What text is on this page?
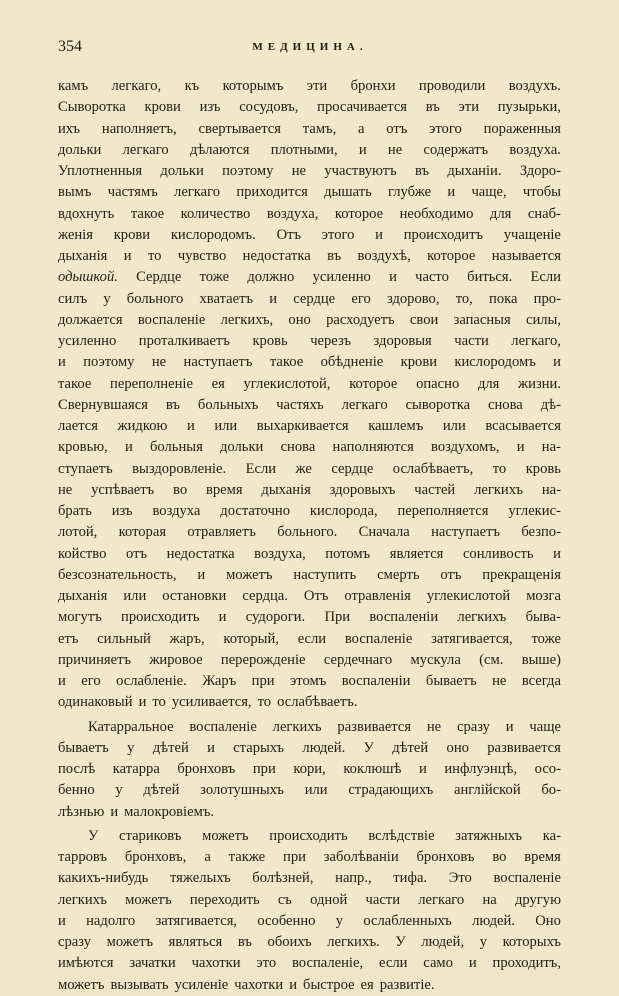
354	МЕДИЦИНА.
камъ легкаго, къ которымъ эти бронхи проводили воздухъ.
Сыворотка крови изъ сосудовъ, просачивается въ эти пузырьки,
ихъ наполняетъ, свертывается тамъ, а отъ этого пораженныя
дольки легкаго дѣлаются плотными, и не содержатъ воздуха.
Уплотненныя дольки поэтому не участвуютъ въ дыханіи. Здоро-
вымъ частямъ легкаго приходится дышать глубже и чаще, чтобы
вдохнуть такое количество воздуха, которое необходимо для снаб-
женія крови кислородомъ. Отъ этого и происходитъ учащеніе
дыханія и то чувство недостатка въ воздухѣ, которое называется
одышкой. Сердце тоже должно усиленно и часто биться. Если
силъ у больного хватаетъ и сердце его здорово, то, пока про-
должается воспаленіе легкихъ, оно расходуетъ свои запасныя силы,
усиленно проталкиваетъ кровь черезъ здоровыя части легкаго,
и поэтому не наступаетъ такое обѣдненіе крови кислородомъ и
такое переполненіе ея углекислотой, которое опасно для жизни.
Свернувшаяся въ больныхъ частяхъ легкаго сыворотка снова дѣ-
лается жидкою и или выхаркивается кашлемъ или всасывается
кровью, и больныя дольки снова наполняются воздухомъ, и на-
ступаетъ выздоровленіе. Если же сердце ослабѣваетъ, то кровь
не успѣваетъ во время дыханія здоровыхъ частей легкихъ на-
брать изъ воздуха достаточно кислорода, переполняется углекис-
лотой, которая отравляетъ больного. Сначала наступаетъ безпо-
койство отъ недостатка воздуха, потомъ является сонливость и
безсознательность, и можетъ наступить смерть отъ прекращенія
дыханія или остановки сердца. Отъ отравленія углекислотой мозга
могутъ происходить и судороги. При воспаленіи легкихъ быва-
етъ сильный жаръ, который, если воспаленіе затягивается, тоже
причиняетъ жировое перерожденіе сердечнаго мускула (см. выше)
и его ослабленіе. Жаръ при этомъ воспаленіи бываетъ не всегда
одинаковый и то усиливается, то ослабѣваетъ.
Катарральное воспаленіе легкихъ развивается не сразу и чаще
бываетъ у дѣтей и старыхъ людей. У дѣтей оно развивается
послѣ катарра бронховъ при кори, коклюшѣ и инфлуэнцѣ, осо-
бенно у дѣтей золотушныхъ или страдающихъ англійской бо-
лѣзнью и малокровіемъ.
У стариковъ можетъ происходить вслѣдствіе затяжныхъ ка-
тарровъ бронховъ, а также при заболѣваніи бронховъ во время
какихъ-нибудь тяжелыхъ болѣзней, напр., тифа. Это воспаленіе
легкихъ можетъ переходить съ одной части легкаго на другую
и надолго затягивается, особенно у ослабленныхъ людей. Оно
сразу можетъ являться въ обоихъ легкихъ. У людей, у которыхъ
имѣются зачатки чахотки это воспаленіе, если само и проходитъ,
можетъ вызывать усиленіе чахотки и быстрое ея развитіе.
